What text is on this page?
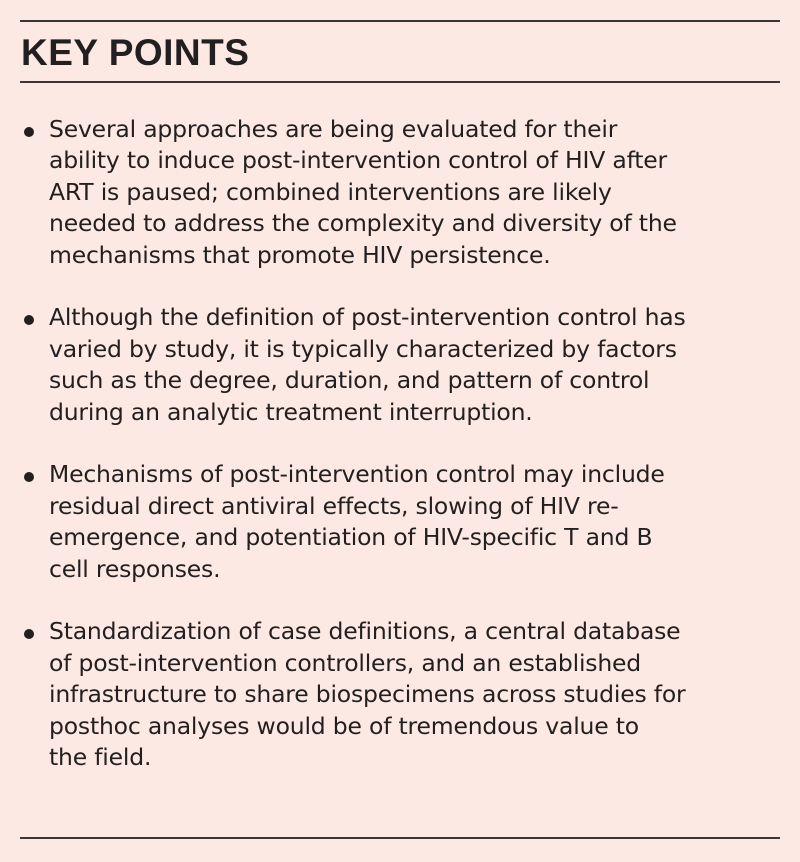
KEY POINTS
Several approaches are being evaluated for their
ability to induce post-intervention control of HIV after
ART is paused; combined interventions are likely
needed to address the complexity and diversity of the
mechanisms that promote HIV persistence.
Although the definition of post-intervention control has
varied by study, it is typically characterized by factors
such as the degree, duration, and pattern of control
during an analytic treatment interruption.
Mechanisms of post-intervention control may include
residual direct antiviral effects, slowing of HIV re-
emergence, and potentiation of HIV-specific T and B
cell responses.
Standardization of case definitions, a central database
of post-intervention controllers, and an established
infrastructure to share biospecimens across studies for
posthoc analyses would be of tremendous value to
the field.
